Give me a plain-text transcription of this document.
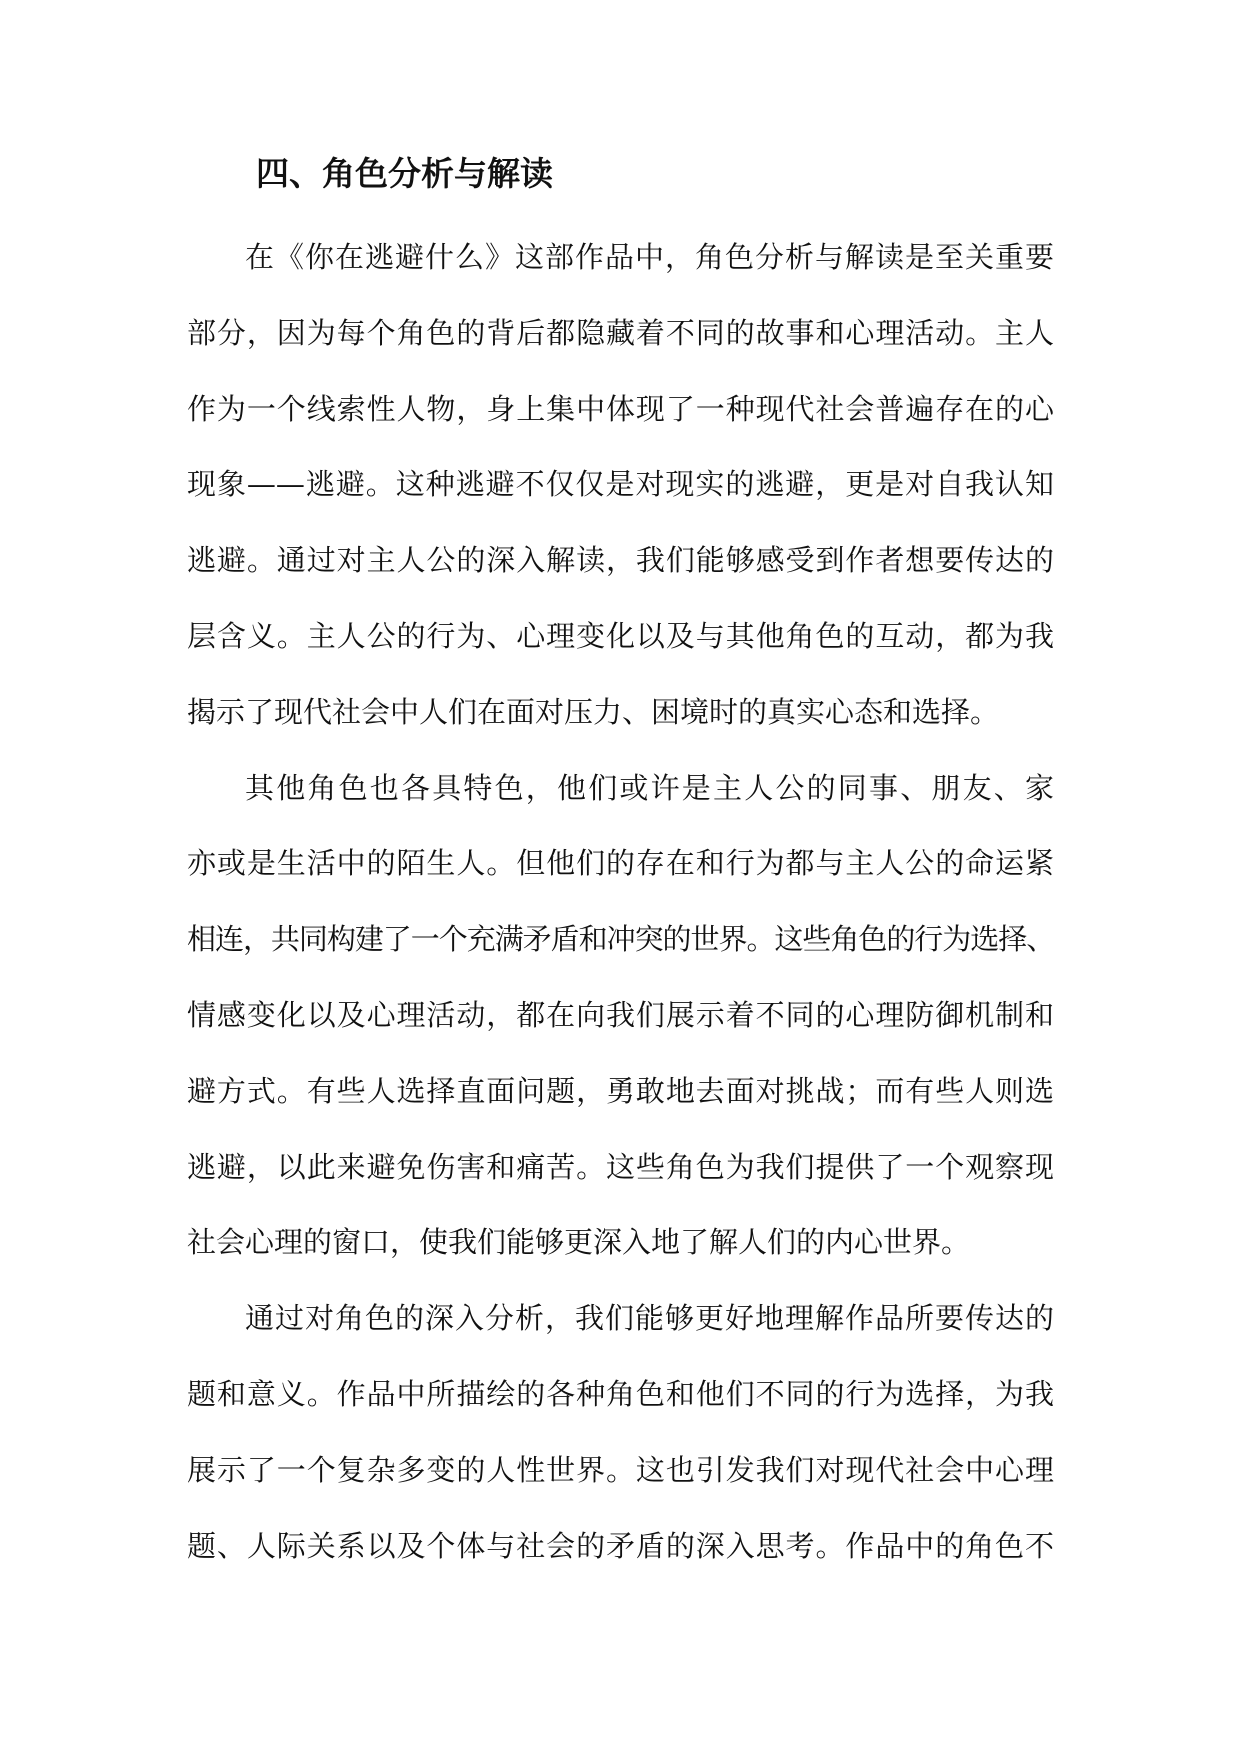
四、角色分析与解读
在《你在逃避什么》这部作品中，角色分析与解读是至关重要
部分，因为每个角色的背后都隐藏着不同的故事和心理活动。主人
作为一个线索性人物，身上集中体现了一种现代社会普遍存在的心
现象——逃避。这种逃避不仅仅是对现实的逃避，更是对自我认知
逃避。通过对主人公的深入解读，我们能够感受到作者想要传达的
层含义。主人公的行为、心理变化以及与其他角色的互动，都为我
揭示了现代社会中人们在面对压力、困境时的真实心态和选择。
其他角色也各具特色，他们或许是主人公的同事、朋友、家
亦或是生活中的陌生人。但他们的存在和行为都与主人公的命运紧
相连，共同构建了一个充满矛盾和冲突的世界。这些角色的行为选择、
情感变化以及心理活动，都在向我们展示着不同的心理防御机制和
避方式。有些人选择直面问题，勇敢地去面对挑战；而有些人则选
逃避，以此来避免伤害和痛苦。这些角色为我们提供了一个观察现
社会心理的窗口，使我们能够更深入地了解人们的内心世界。
通过对角色的深入分析，我们能够更好地理解作品所要传达的
题和意义。作品中所描绘的各种角色和他们不同的行为选择，为我
展示了一个复杂多变的人性世界。这也引发我们对现代社会中心理
题、人际关系以及个体与社会的矛盾的深入思考。作品中的角色不
